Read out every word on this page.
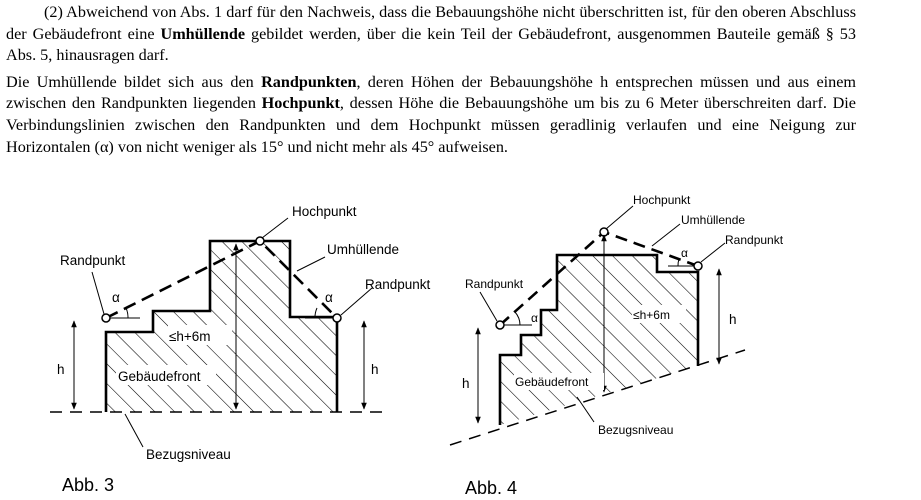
(2) Abweichend von Abs. 1 darf für den Nachweis, dass die Bebauungshöhe nicht überschritten ist, für den oberen Abschluss der Gebäudefront eine Umhüllende gebildet werden, über die kein Teil der Gebäudefront, ausgenommen Bauteile gemäß § 53 Abs. 5, hinausragen darf.

Die Umhüllende bildet sich aus den Randpunkten, deren Höhen der Bebauungshöhe h entsprechen müssen und aus einem zwischen den Randpunkten liegenden Hochpunkt, dessen Höhe die Bebauungshöhe um bis zu 6 Meter überschreiten darf. Die Verbindungslinien zwischen den Randpunkten und dem Hochpunkt müssen geradlinig verlaufen und eine Neigung zur Horizontalen (α) von nicht weniger als 15° und nicht mehr als 45° aufweisen.

Hochpunkt
Umhüllende
Randpunkt
Randpunkt
α	α
≤h+6m
Gebäudefront
h	h
Bezugsniveau
Abb. 3
Hochpunkt
Umhüllende
Randpunkt
Randpunkt
α
α
≤h+6m
Gebäudefront
h
h
Bezugsniveau
Abb. 4
